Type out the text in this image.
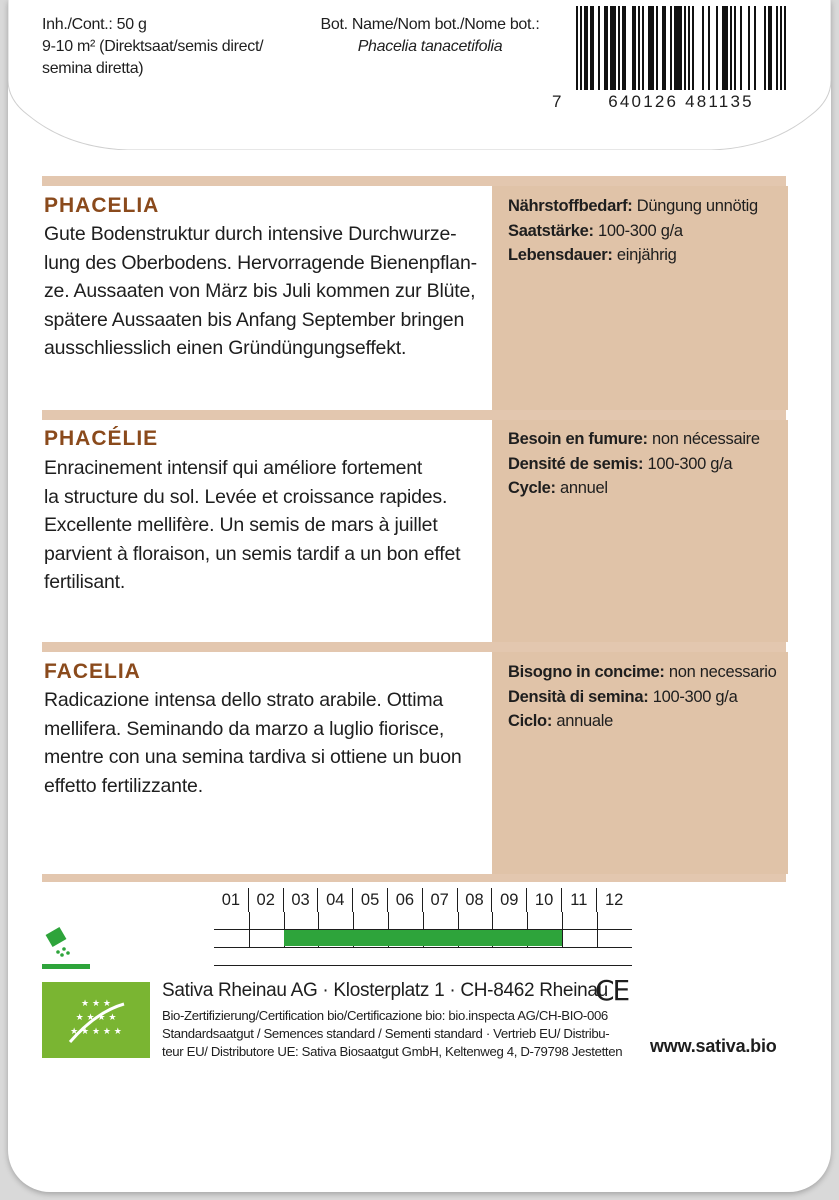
Inh./Cont.: 50 g
9-10 m² (Direktsaat/semis direct/
semina diretta)
Bot. Name/Nom bot./Nome bot.:
Phacelia tanacetifolia
7	640126 481135
PHACELIA
Gute Bodenstruktur durch intensive Durchwurze-
lung des Oberbodens. Hervorragende Bienenpflan-
ze. Aussaaten von März bis Juli kommen zur Blüte,
spätere Aussaaten bis Anfang September bringen
ausschliesslich einen Gründüngungseffekt.
Nährstoffbedarf: Düngung unnötig
Saatstärke: 100-300 g/a
Lebensdauer: einjährig
PHACÉLIE
Enracinement intensif qui améliore fortement
la structure du sol. Levée et croissance rapides.
Excellente mellifère. Un semis de mars à juillet
parvient à floraison, un semis tardif a un bon effet
fertilisant.
Besoin en fumure: non nécessaire
Densité de semis: 100-300 g/a
Cycle: annuel
FACELIA
Radicazione intensa dello strato arabile. Ottima
mellifera. Seminando da marzo a luglio fiorisce,
mentre con una semina tardiva si ottiene un buon
effetto fertilizzante.
Bisogno in concime: non necessario
Densità di semina: 100-300 g/a
Ciclo: annuale
01 02 03 04 05 06 07 08 09 10	11	12
★ ★ ★
★ ★ ★ ★
★ ★ ★ ★ ★
Sativa Rheinau AG · Klosterplatz 1 · CH-8462 Rheinau
CE
Bio-Zertifizierung/Certification bio/Certificazione bio: bio.inspecta AG/CH-BIO-006
Standardsaatgut / Semences standard / Sementi standard · Vertrieb EU/ Distribu-
teur EU/ Distributore UE: Sativa Biosaatgut GmbH, Keltenweg 4, D-79798 Jestetten	www.sativa.bio
